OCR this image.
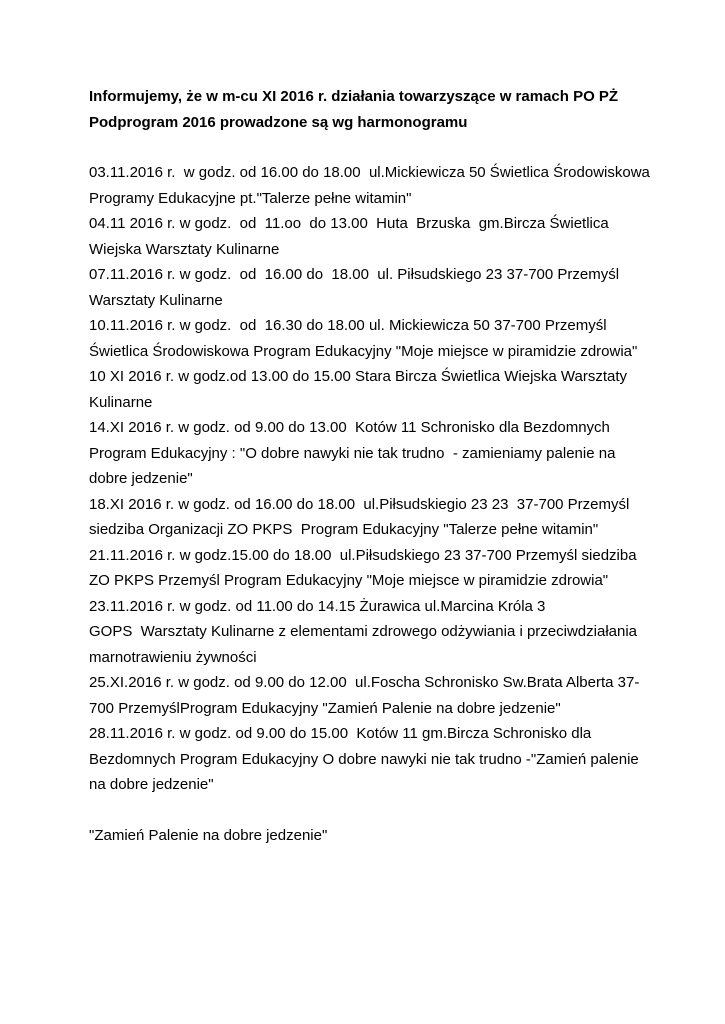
Informujemy, że w m-cu XI 2016 r. działania towarzyszące w ramach PO PŻ

Podprogram 2016 prowadzone są wg harmonogramu

03.11.2016 r.  w godz. od 16.00 do 18.00  ul.Mickiewicza 50 Świetlica Środowiskowa

Programy Edukacyjne pt."Talerze pełne witamin"

04.11 2016 r. w godz.  od  11.oo  do 13.00  Huta  Brzuska  gm.Bircza Świetlica

Wiejska Warsztaty Kulinarne

07.11.2016 r. w godz.  od  16.00 do  18.00  ul. Piłsudskiego 23 37-700 Przemyśl

Warsztaty Kulinarne

10.11.2016 r. w godz.  od  16.30 do 18.00 ul. Mickiewicza 50 37-700 Przemyśl

Świetlica Środowiskowa Program Edukacyjny "Moje miejsce w piramidzie zdrowia"

10 XI 2016 r. w godz.od 13.00 do 15.00 Stara Bircza Świetlica Wiejska Warsztaty

Kulinarne

14.XI 2016 r. w godz. od 9.00 do 13.00  Kotów 11 Schronisko dla Bezdomnych

Program Edukacyjny : "O dobre nawyki nie tak trudno  - zamieniamy palenie na

dobre jedzenie"

18.XI 2016 r. w godz. od 16.00 do 18.00  ul.Piłsudskiegio 23 23  37-700 Przemyśl

siedziba Organizacji ZO PKPS  Program Edukacyjny "Talerze pełne witamin"

21.11.2016 r. w godz.15.00 do 18.00  ul.Piłsudskiego 23 37-700 Przemyśl siedziba

ZO PKPS Przemyśl Program Edukacyjny "Moje miejsce w piramidzie zdrowia"

23.11.2016 r. w godz. od 11.00 do 14.15 Żurawica ul.Marcina Króla 3

GOPS  Warsztaty Kulinarne z elementami zdrowego odżywiania i przeciwdziałania

marnotrawieniu żywności

25.XI.2016 r. w godz. od 9.00 do 12.00  ul.Foscha Schronisko Sw.Brata Alberta 37-

700 PrzemyślProgram Edukacyjny "Zamień Palenie na dobre jedzenie"

28.11.2016 r. w godz. od 9.00 do 15.00  Kotów 11 gm.Bircza Schronisko dla

Bezdomnych Program Edukacyjny O dobre nawyki nie tak trudno -"Zamień palenie

na dobre jedzenie"

"Zamień Palenie na dobre jedzenie"
